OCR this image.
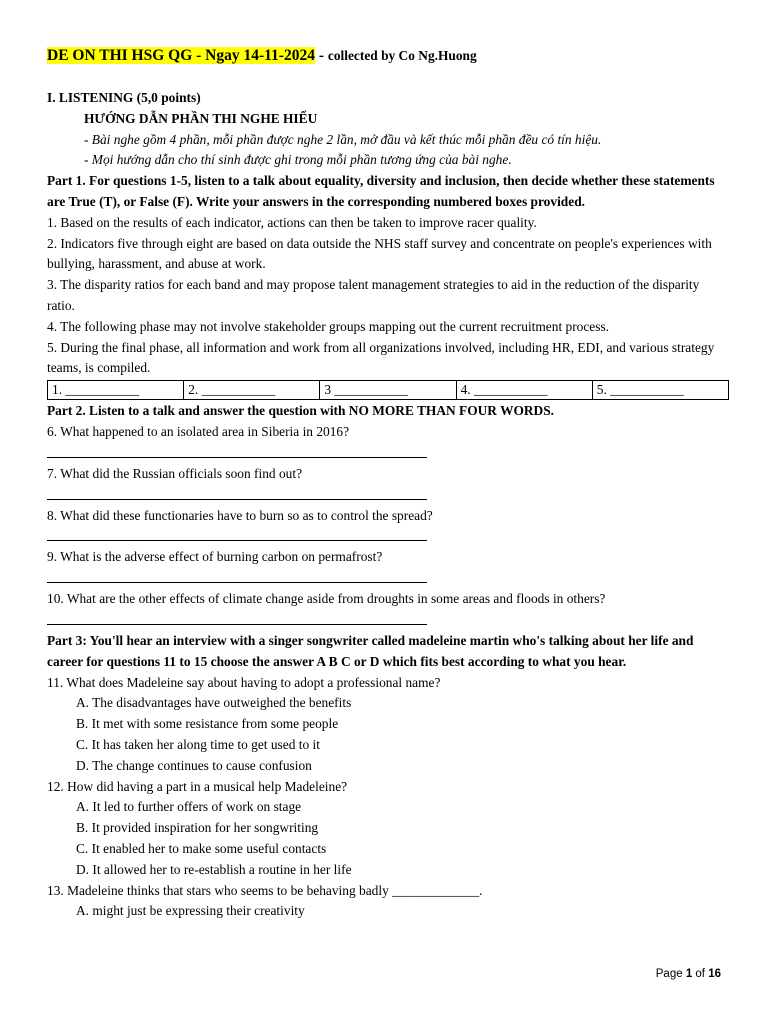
DE ON THI HSG QG - Ngay 14-11-2024 - collected by Co Ng.Huong
I. LISTENING (5,0 points)
HƯỚNG DẪN PHẦN THI NGHE HIỂU
- Bài nghe gồm 4 phần, mỗi phần được nghe 2 lần, mở đầu và kết thúc mỗi phần đều có tín hiệu.
- Mọi hướng dẫn cho thí sinh được ghi trong mỗi phần tương ứng của bài nghe.
Part 1. For questions 1-5, listen to a talk about equality, diversity and inclusion, then decide whether these statements are True (T), or False (F). Write your answers in the corresponding numbered boxes provided.
1. Based on the results of each indicator, actions can then be taken to improve racer quality.
2. Indicators five through eight are based on data outside the NHS staff survey and concentrate on people's experiences with bullying, harassment, and abuse at work.
3. The disparity ratios for each band and may propose talent management strategies to aid in the reduction of the disparity ratio.
4. The following phase may not involve stakeholder groups mapping out the current recruitment process.
5. During the final phase, all information and work from all organizations involved, including HR, EDI, and various strategy teams, is compiled.
1. ___________	2. ___________	3 ___________	4. ___________	5. ___________
Part 2. Listen to a talk and answer the question with NO MORE THAN FOUR WORDS.
6. What happened to an isolated area in Siberia in 2016?
7. What did the Russian officials soon find out?
8. What did these functionaries have to burn so as to control the spread?
9. What is the adverse effect of burning carbon on permafrost?
10. What are the other effects of climate change aside from droughts in some areas and floods in others?
Part 3: You'll hear an interview with a singer songwriter called madeleine martin who's talking about her life and career for questions 11 to 15 choose the answer A B C or D which fits best according to what you hear.
11. What does Madeleine say about having to adopt a professional name?
A. The disadvantages have outweighed the benefits
B. It met with some resistance from some people
C. It has taken her along time to get used to it
D. The change continues to cause confusion
12. How did having a part in a musical help Madeleine?
A. It led to further offers of work on stage
B. It provided inspiration for her songwriting
C. It enabled her to make some useful contacts
D. It allowed her to re-establish a routine in her life
13. Madeleine thinks that stars who seems to be behaving badly _____________.
A. might just be expressing their creativity
Page 1 of 16
